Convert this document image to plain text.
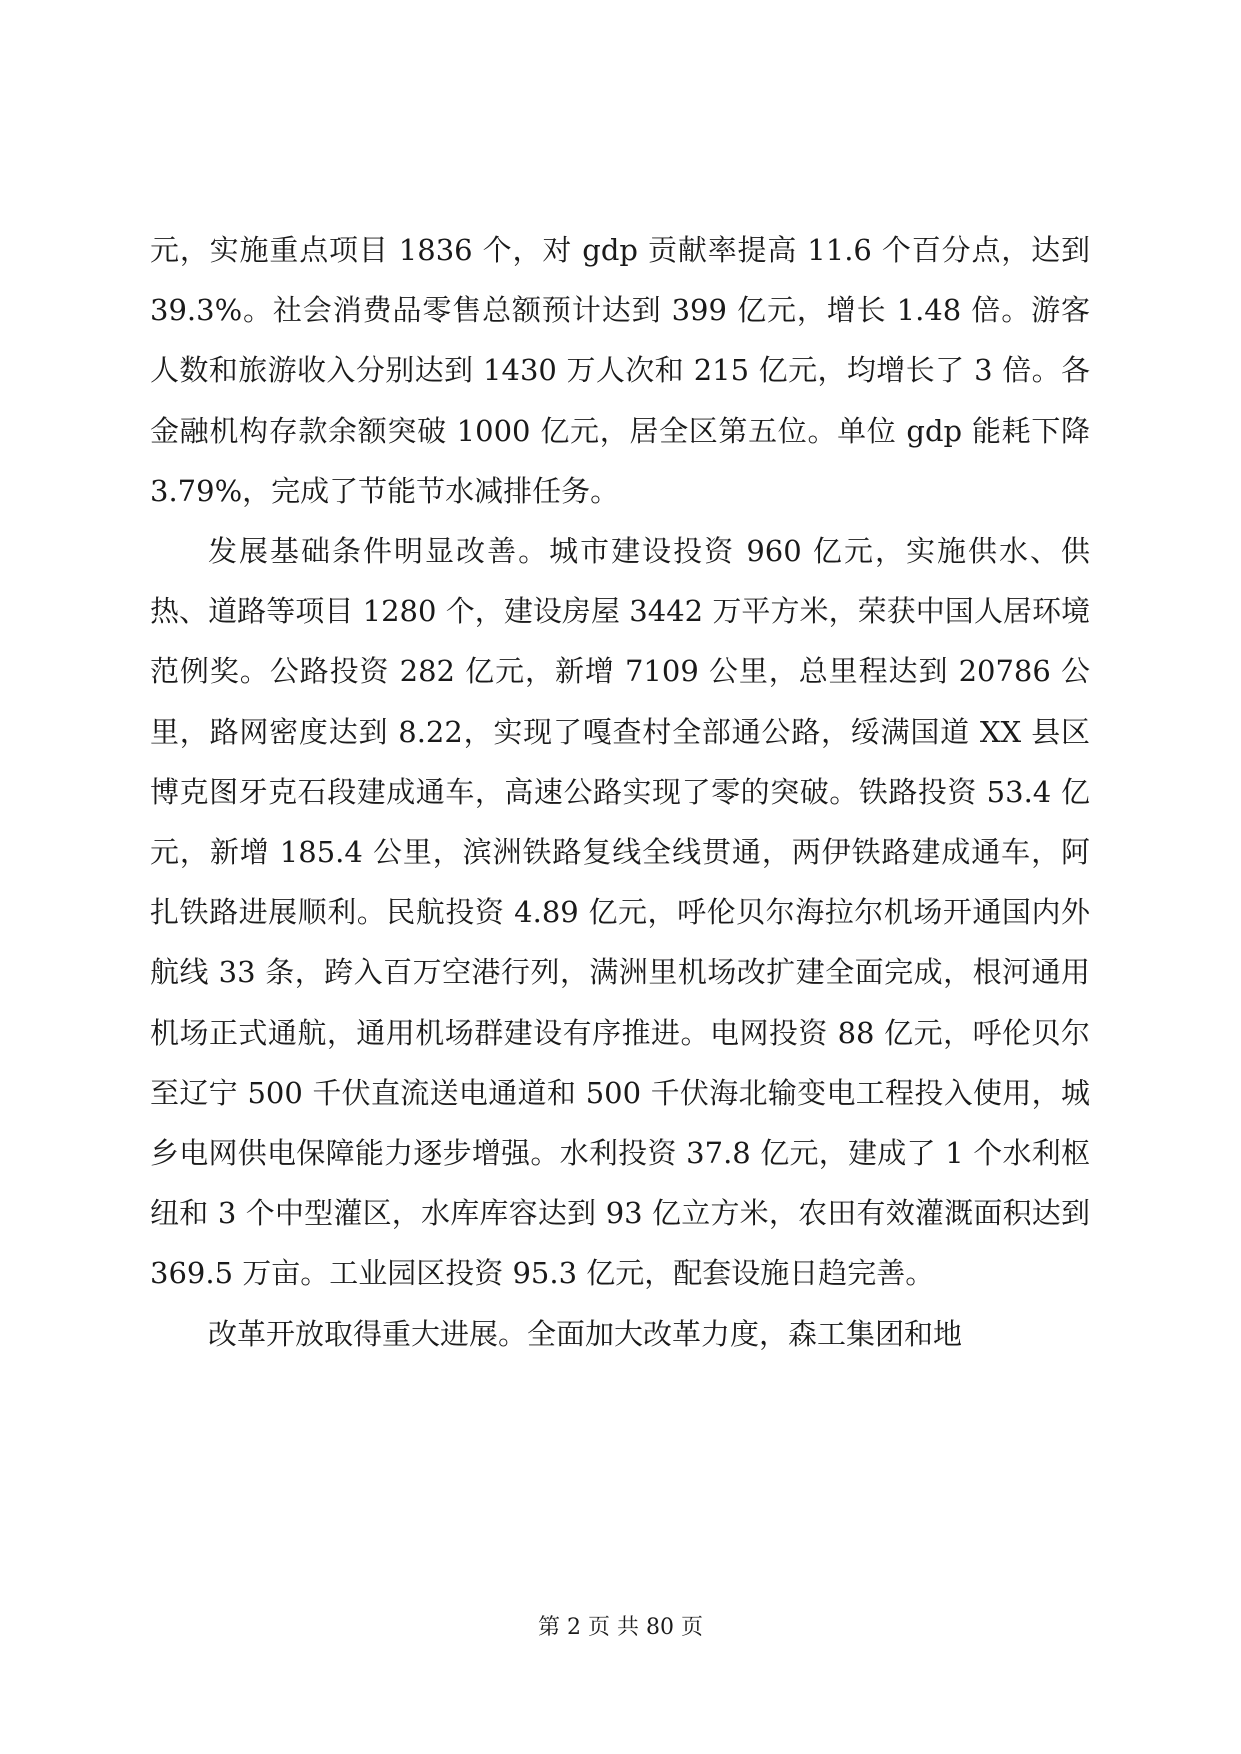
元，实施重点项目 1836 个，对 gdp 贡献率提高 11.6 个百分点，达到 39.3%。社会消费品零售总额预计达到 399 亿元，增长 1.48 倍。游客人数和旅游收入分别达到 1430 万人次和 215 亿元，均增长了 3 倍。各金融机构存款余额突破 1000 亿元，居全区第五位。单位 gdp 能耗下降 3.79%，完成了节能节水减排任务。

发展基础条件明显改善。城市建设投资 960 亿元，实施供水、供热、道路等项目 1280 个，建设房屋 3442 万平方米，荣获中国人居环境范例奖。公路投资 282 亿元，新增 7109 公里，总里程达到 20786 公里，路网密度达到 8.22，实现了嘎查村全部通公路，绥满国道 XX 县区博克图牙克石段建成通车，高速公路实现了零的突破。铁路投资 53.4 亿元，新增 185.4 公里，滨洲铁路复线全线贯通，两伊铁路建成通车，阿扎铁路进展顺利。民航投资 4.89 亿元，呼伦贝尔海拉尔机场开通国内外航线 33 条，跨入百万空港行列，满洲里机场改扩建全面完成，根河通用机场正式通航，通用机场群建设有序推进。电网投资 88 亿元，呼伦贝尔至辽宁 500 千伏直流送电通道和 500 千伏海北输变电工程投入使用，城乡电网供电保障能力逐步增强。水利投资 37.8 亿元，建成了 1 个水利枢纽和 3 个中型灌区，水库库容达到 93 亿立方米，农田有效灌溉面积达到 369.5 万亩。工业园区投资 95.3 亿元，配套设施日趋完善。

改革开放取得重大进展。全面加大改革力度，森工集团和地

第 2 页 共 80 页
